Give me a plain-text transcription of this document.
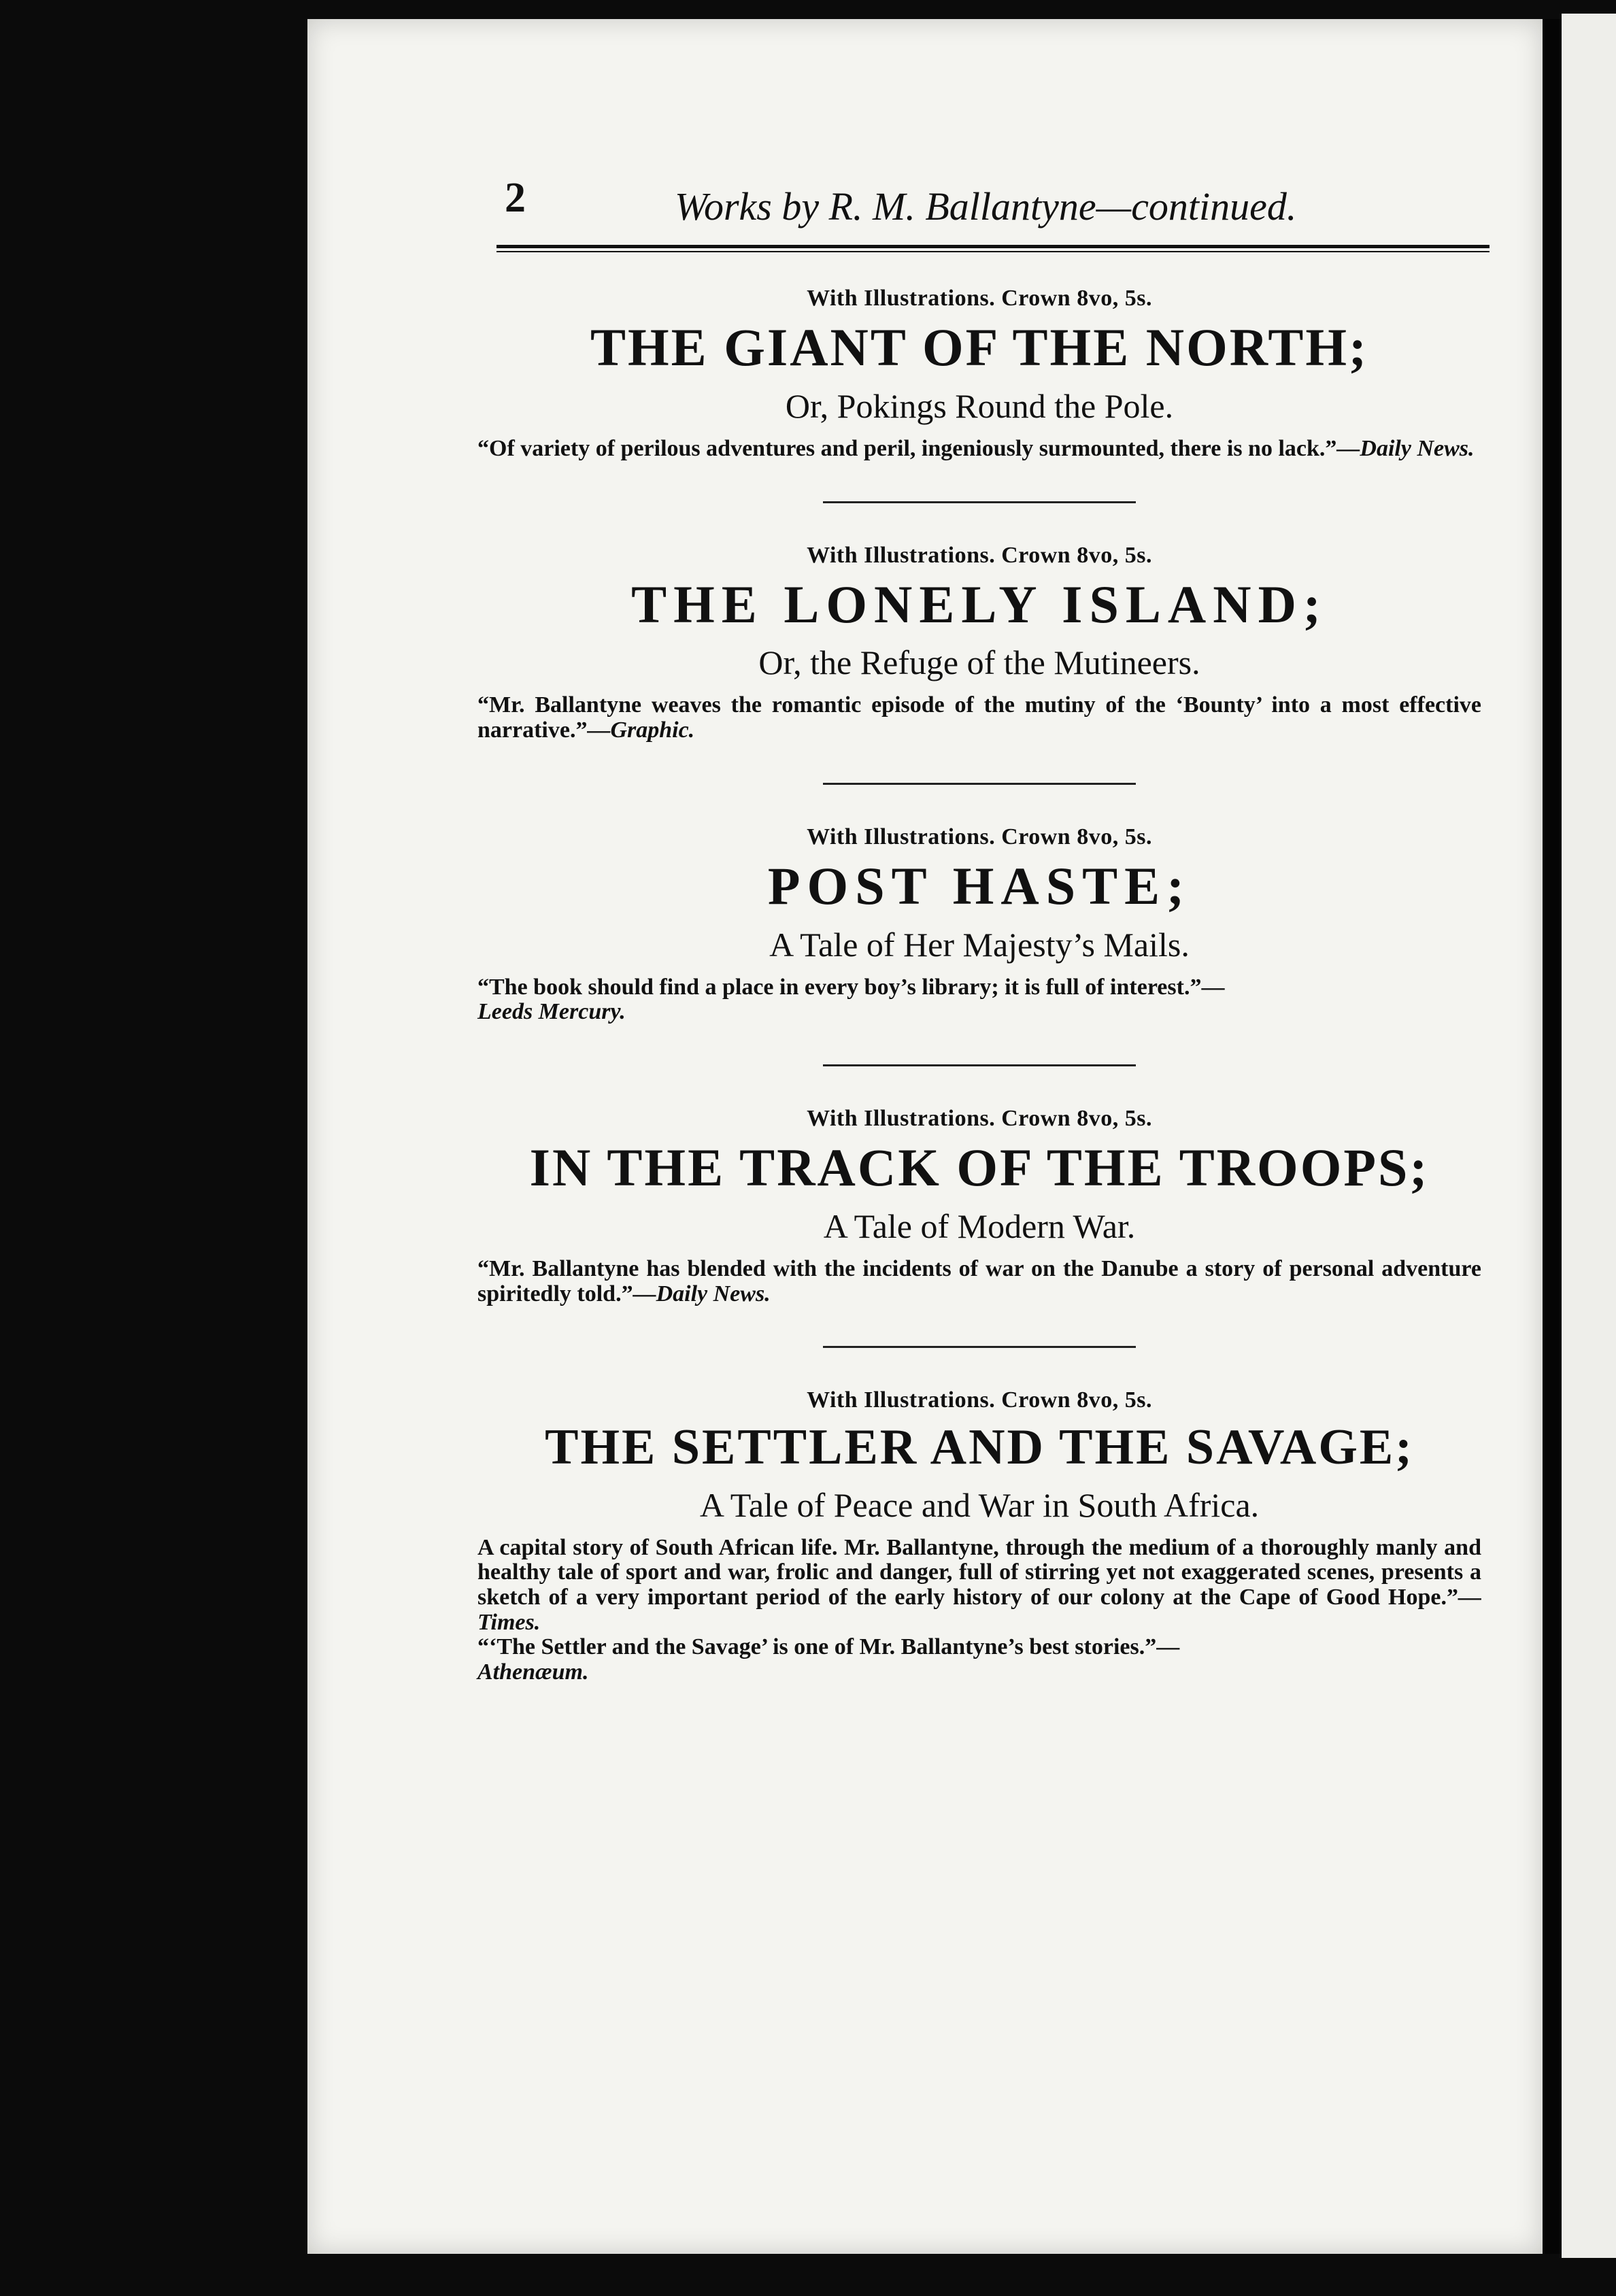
2	Works by R. M. Ballantyne—continued.
With Illustrations. Crown 8vo, 5s.
THE GIANT OF THE NORTH;
Or, Pokings Round the Pole.
“Of variety of perilous adventures and peril, ingeniously surmounted, there is no lack.”—Daily News.
With Illustrations. Crown 8vo, 5s.
THE LONELY ISLAND;
Or, the Refuge of the Mutineers.
“Mr. Ballantyne weaves the romantic episode of the mutiny of the ‘Bounty’ into a most effective narrative.”—Graphic.
With Illustrations. Crown 8vo, 5s.
POST HASTE;
A Tale of Her Majesty’s Mails.
“The book should find a place in every boy’s library; it is full of interest.”—
Leeds Mercury.
With Illustrations. Crown 8vo, 5s.
IN THE TRACK OF THE TROOPS;
A Tale of Modern War.
“Mr. Ballantyne has blended with the incidents of war on the Danube a story of personal adventure spiritedly told.”—Daily News.
With Illustrations. Crown 8vo, 5s.
THE SETTLER AND THE SAVAGE;
A Tale of Peace and War in South Africa.
A capital story of South African life. Mr. Ballantyne, through the medium of a thoroughly manly and healthy tale of sport and war, frolic and danger, full of stirring yet not exaggerated scenes, presents a sketch of a very important period of the early history of our colony at the Cape of Good Hope.”—Times.
“‘The Settler and the Savage’ is one of Mr. Ballantyne’s best stories.”—
Athenæum.
